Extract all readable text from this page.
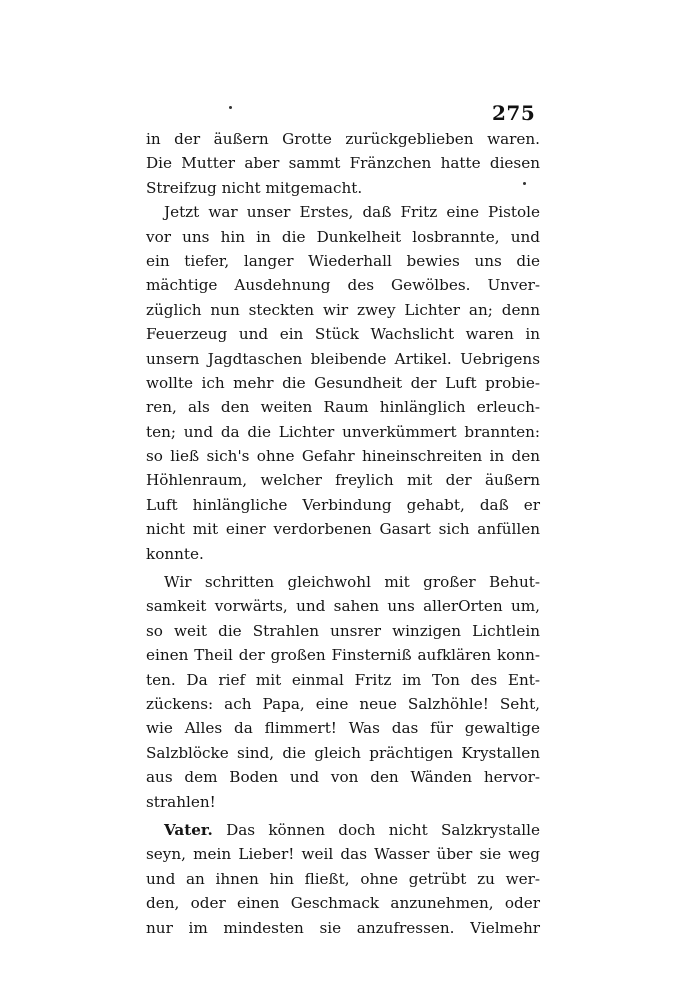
275
in der äußern Grotte zurückgeblieben waren.
Die Mutter aber sammt Fränzchen hatte diesen
Streifzug nicht mitgemacht.
Jetzt war unser Erstes, daß Fritz eine Pistole
vor uns hin in die Dunkelheit losbrannte, und
ein tiefer, langer Wiederhall bewies uns die
mächtige Ausdehnung des Gewölbes. Unver-
züglich nun steckten wir zwey Lichter an; denn
Feuerzeug und ein Stück Wachslicht waren in
unsern Jagdtaschen bleibende Artikel. Uebrigens
wollte ich mehr die Gesundheit der Luft probie-
ren, als den weiten Raum hinlänglich erleuch-
ten; und da die Lichter unverkümmert brannten:
so ließ sich's ohne Gefahr hineinschreiten in den
Höhlenraum, welcher freylich mit der äußern
Luft hinlängliche Verbindung gehabt, daß er
nicht mit einer verdorbenen Gasart sich anfüllen
konnte.
Wir schritten gleichwohl mit großer Behut-
samkeit vorwärts, und sahen uns allerOrten um,
so weit die Strahlen unsrer winzigen Lichtlein
einen Theil der großen Finsterniß aufklären konn-
ten. Da rief mit einmal Fritz im Ton des Ent-
zückens: ach Papa, eine neue Salzhöhle! Seht,
wie Alles da flimmert! Was das für gewaltige
Salzblöcke sind, die gleich prächtigen Krystallen
aus dem Boden und von den Wänden hervor-
strahlen!
Vater. Das können doch nicht Salzkrystalle
seyn, mein Lieber! weil das Wasser über sie weg
und an ihnen hin fließt, ohne getrübt zu wer-
den, oder einen Geschmack anzunehmen, oder
nur im mindesten sie anzufressen. Vielmehr
